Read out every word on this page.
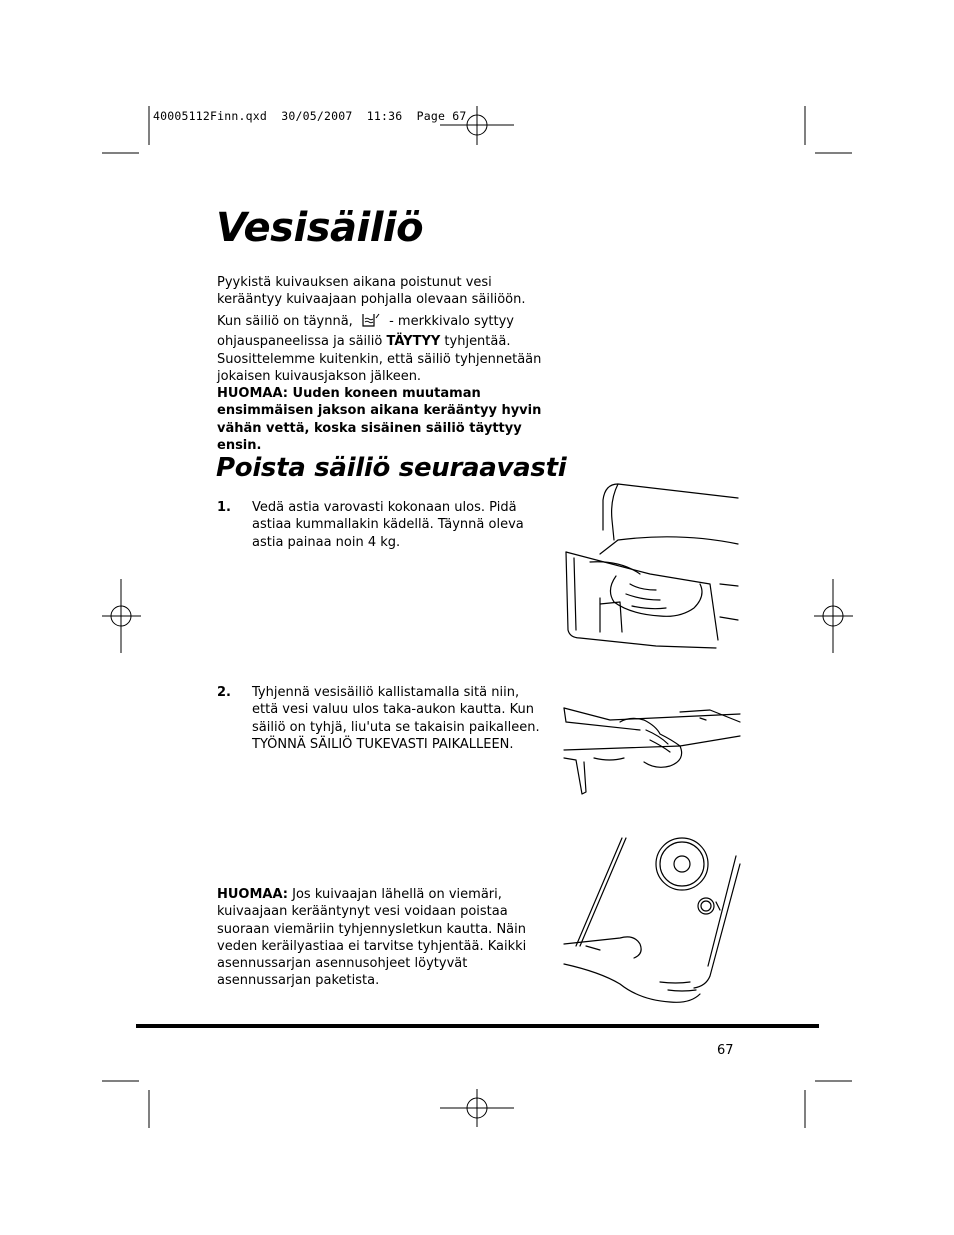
40005112Finn.qxd  30/05/2007  11:36  Page 67
Vesisäiliö
Pyykistä kuivauksen aikana poistunut vesi kerääntyy kuivaajaan pohjalla olevaan säiliöön.
Kun säiliö on täynnä,	- merkkivalo syttyy ohjauspaneelissa ja säiliö TÄYTYY tyhjentää. Suosittelemme kuitenkin, että säiliö tyhjennetään jokaisen kuivausjakson jälkeen.
HUOMAA: Uuden koneen muutaman ensimmäisen jakson aikana kerääntyy hyvin vähän vettä, koska sisäinen säiliö täyttyy ensin.
Poista säiliö seuraavasti
1. Vedä astia varovasti kokonaan ulos. Pidä astiaa kummallakin kädellä. Täynnä oleva astia painaa noin 4 kg.
2. Tyhjennä vesisäiliö kallistamalla sitä niin, että vesi valuu ulos taka-aukon kautta. Kun säiliö on tyhjä, liu'uta se takaisin paikalleen. TYÖNNÄ SÄILIÖ TUKEVASTI PAIKALLEEN.
HUOMAA: Jos kuivaajan lähellä on viemäri, kuivaajaan kerääntynyt vesi voidaan poistaa suoraan viemäriin tyhjennysletkun kautta. Näin veden keräilyastiaa ei tarvitse tyhjentää. Kaikki asennussarjan asennusohjeet löytyvät asennussarjan paketista.
67
